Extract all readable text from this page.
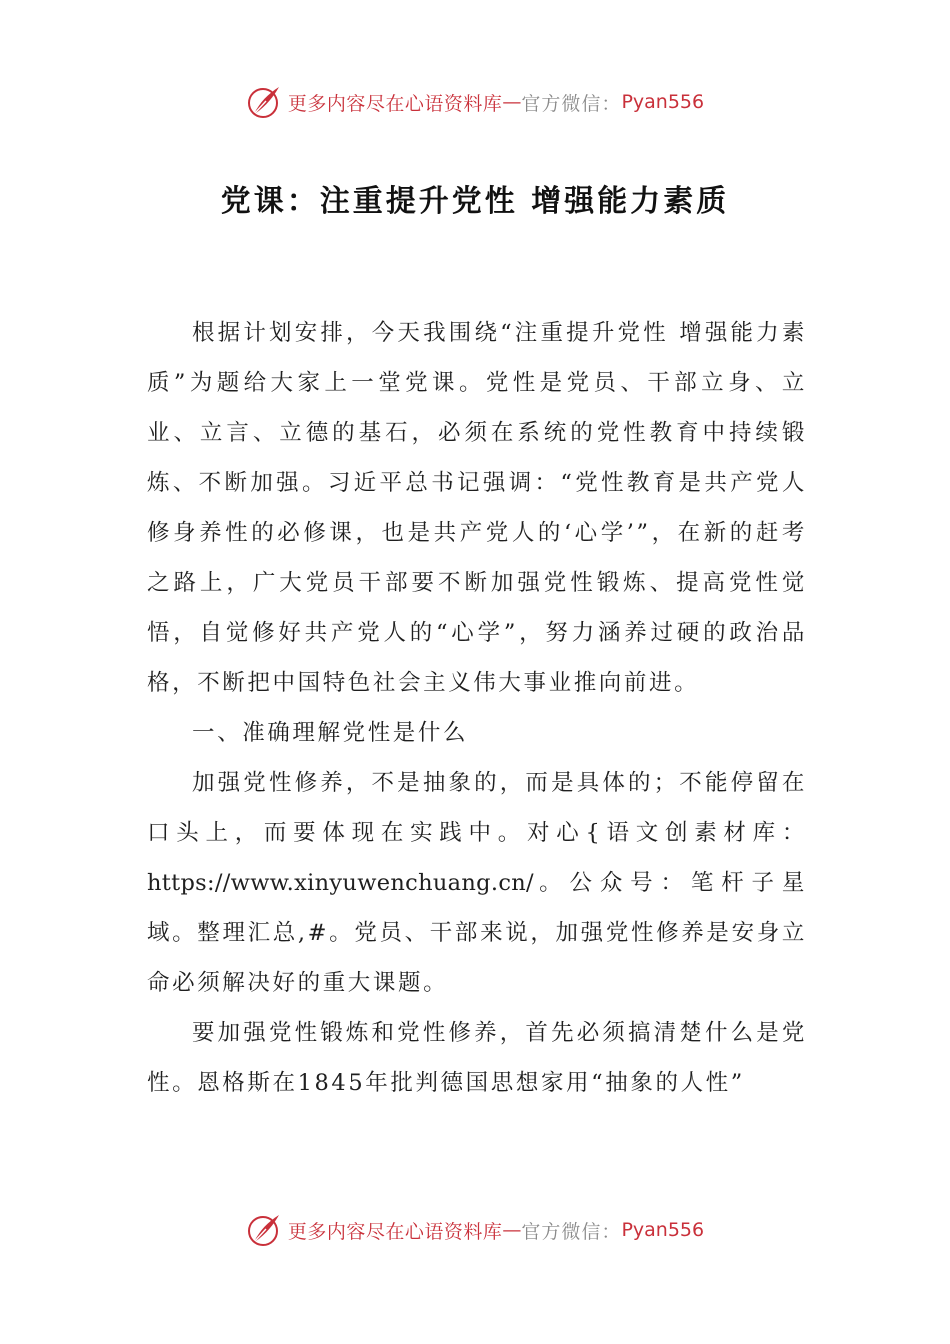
更多内容尽在心语资料库 — 官方微信： Pyan556
党课：注重提升党性 增强能力素质

根据计划安排，今天我围绕“注重提升党性 增强能力素质”为题给大家上一堂党课。党性是党员、干部立身、立业、立言、立德的基石，必须在系统的党性教育中持续锻炼、不断加强。习近平总书记强调：“党性教育是共产党人修身养性的必修课，也是共产党人的‘心学’”，在新的赶考之路上，广大党员干部要不断加强党性锻炼、提高党性觉悟，自觉修好共产党人的“心学”，努力涵养过硬的政治品格，不断把中国特色社会主义伟大事业推向前进。

一、准确理解党性是什么

加强党性修养，不是抽象的，而是具体的；不能停留在口头上，而要体现在实践中。对心{语文创素材库：https://www.xinyuwenchuang.cn/。公众号：笔杆子星域。整理汇总,#。党员、干部来说，加强党性修养是安身立命必须解决好的重大课题。

要加强党性锻炼和党性修养，首先必须搞清楚什么是党性。恩格斯在1845年批判德国思想家用“抽象的人性”

更多内容尽在心语资料库 — 官方微信： Pyan556
